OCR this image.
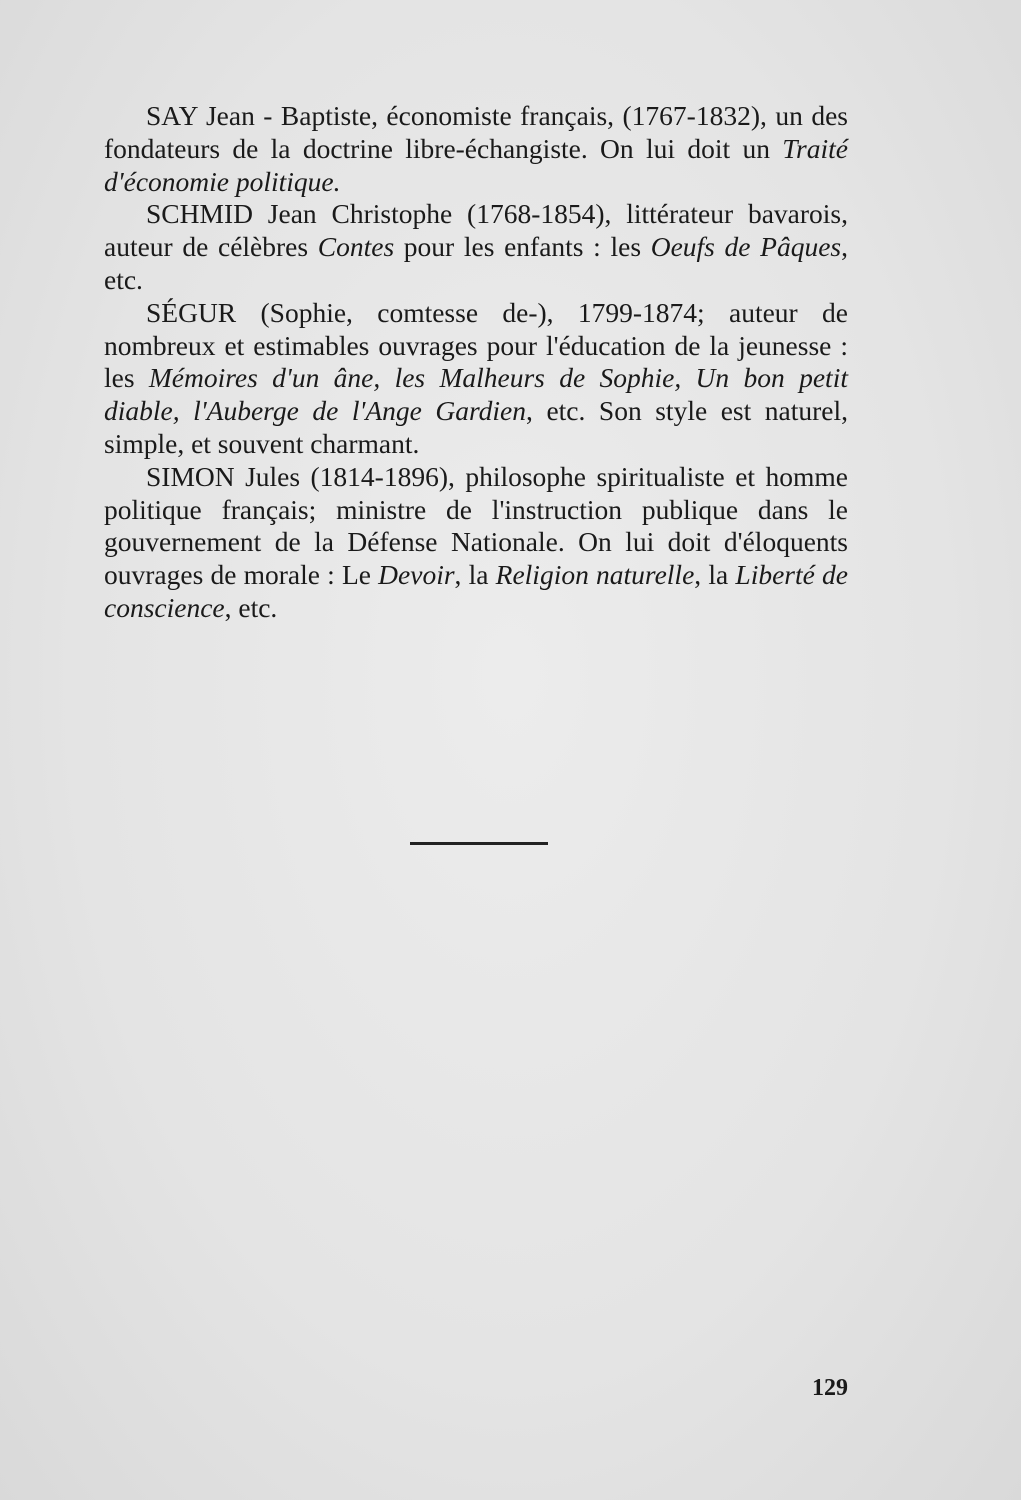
SAY Jean - Baptiste, économiste français, (1767-1832), un des fondateurs de la doctrine libre-échangiste. On lui doit un Traité d'économie politique.

SCHMID Jean Christophe (1768-1854), littérateur bavarois, auteur de célèbres Contes pour les enfants : les Oeufs de Pâques, etc.

SÉGUR (Sophie, comtesse de-), 1799-1874; auteur de nombreux et estimables ouvrages pour l'éducation de la jeunesse : les Mémoires d'un âne, les Malheurs de Sophie, Un bon petit diable, l'Auberge de l'Ange Gardien, etc. Son style est naturel, simple, et souvent charmant.

SIMON Jules (1814-1896), philosophe spiritualiste et homme politique français; ministre de l'instruction publique dans le gouvernement de la Défense Nationale. On lui doit d'éloquents ouvrages de morale : Le Devoir, la Religion naturelle, la Liberté de conscience, etc.

129
